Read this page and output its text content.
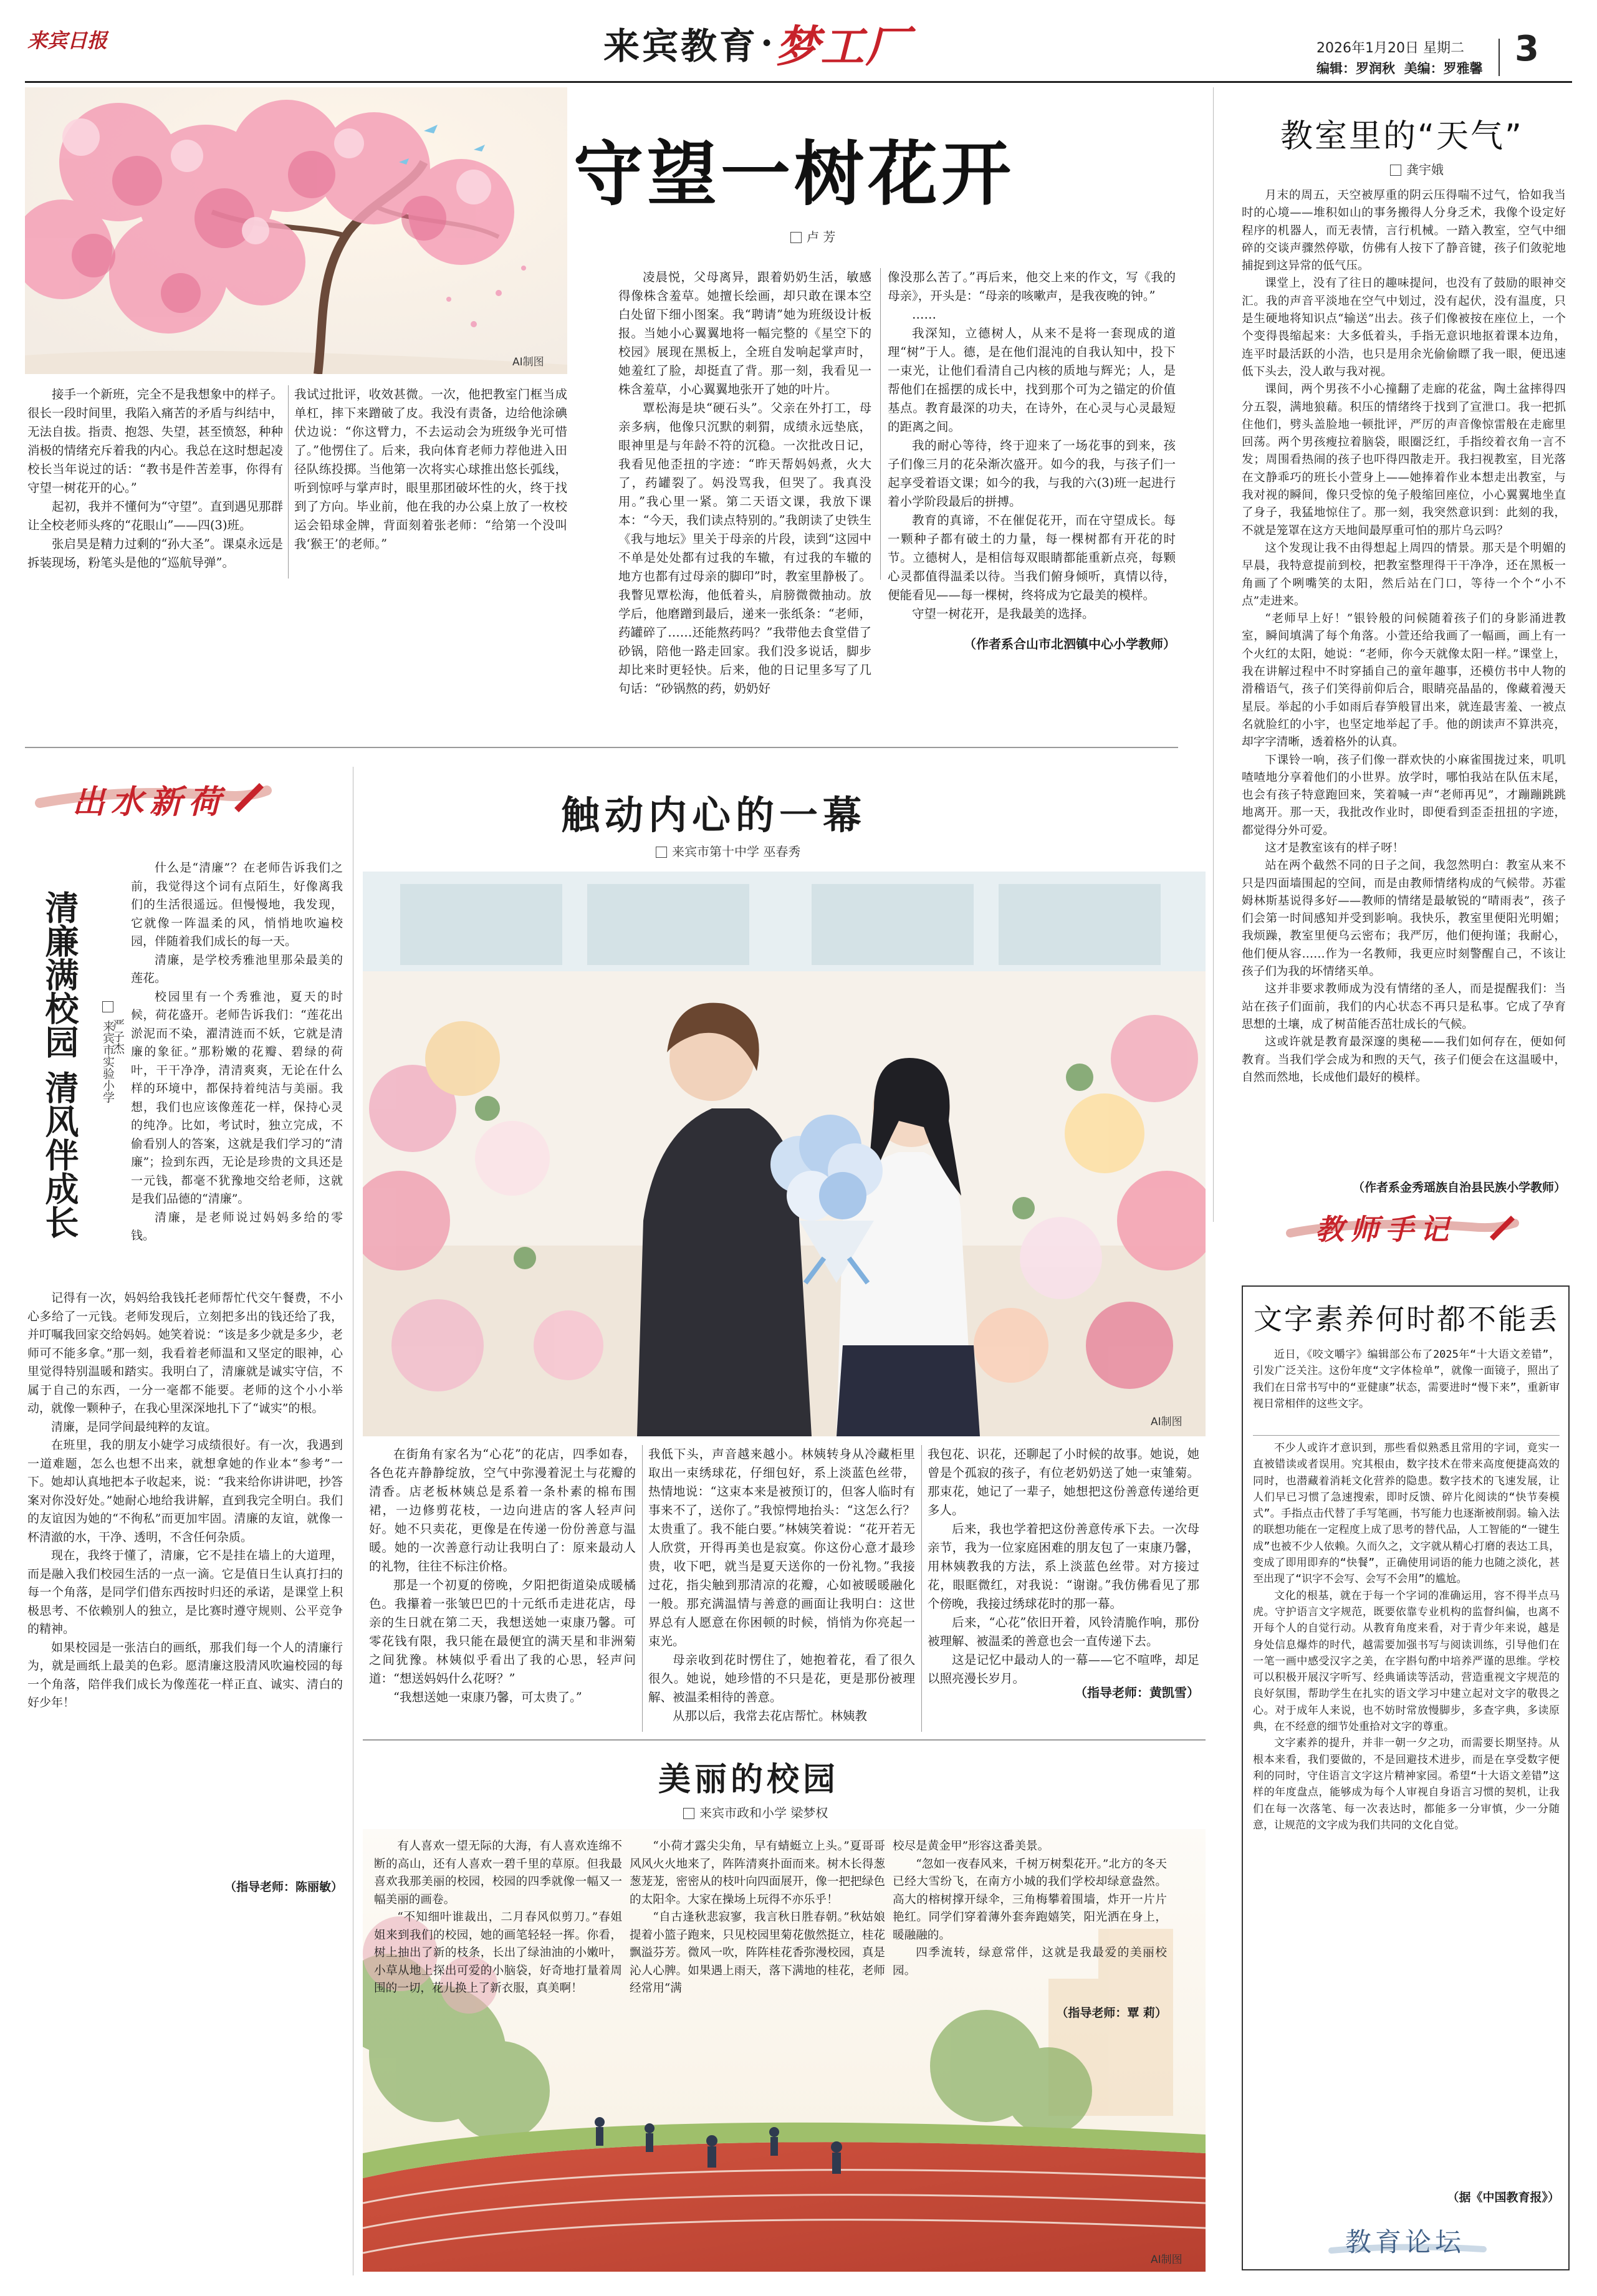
来宾日报	来宾教育 · 梦工厂	2026年1月20日 星期二
编辑：罗润秋 美编：罗雅馨 3
AI制图
守望一树花开
卢 芳

接手一个新班，完全不是我想象中的样子。很长一段时间里，我陷入痛苦的矛盾与纠结中，无法自拔。指责、抱怨、失望，甚至愤怒，种种消极的情绪充斥着我的内心。我总在这时想起凌校长当年说过的话：“教书是件苦差事，你得有守望一树花开的心。”

起初，我并不懂何为“守望”。直到遇见那群让全校老师头疼的“花眼山”——四(3)班。

张启昊是精力过剩的“孙大圣”。课桌永远是拆装现场，粉笔头是他的“巡航导弹”。

我试过批评，收效甚微。一次，他把教室门框当成单杠，摔下来蹭破了皮。我没有责备，边给他涂碘伏边说：“你这臂力，不去运动会为班级争光可惜了。”他愣住了。后来，我向体育老师力荐他进入田径队练投掷。当他第一次将实心球推出悠长弧线，听到惊呼与掌声时，眼里那团破坏性的火，终于找到了方向。毕业前，他在我的办公桌上放了一枚校运会铅球金牌，背面刻着张老师：“给第一个没叫我‘猴王’的老师。”

凌晨悦，父母离异，跟着奶奶生活，敏感得像株含羞草。她擅长绘画，却只敢在课本空白处留下细小图案。我“聘请”她为班级设计板报。当她小心翼翼地将一幅完整的《星空下的校园》展现在黑板上，全班自发响起掌声时，她羞红了脸，却挺直了背。那一刻，我看见一株含羞草，小心翼翼地张开了她的叶片。

覃松海是块“硬石头”。父亲在外打工，母亲多病，他像只沉默的刺猬，成绩永远垫底，眼神里是与年龄不符的沉稳。一次批改日记，我看见他歪扭的字迹：“昨天帮妈妈煮，火大了，药罐裂了。妈没骂我，但哭了。我真没用。”我心里一紧。第二天语文课，我放下课本：“今天，我们读点特别的。”我朗读了史铁生《我与地坛》里关于母亲的片段，读到“这园中不单是处处都有过我的车辙，有过我的车辙的地方也都有过母亲的脚印”时，教室里静极了。我瞥见覃松海，他低着头，肩膀微微抽动。放学后，他磨蹭到最后，递来一张纸条：“老师，药罐碎了……还能熬药吗？”我带他去食堂借了砂锅，陪他一路走回家。我们没多说话，脚步却比来时更轻快。后来，他的日记里多写了几句话：“砂锅熬的药，奶奶好

像没那么苦了。”再后来，他交上来的作文，写《我的母亲》，开头是：“母亲的咳嗽声，是我夜晚的钟。”

……

我深知，立德树人，从来不是将一套现成的道理“树”于人。德，是在他们混沌的自我认知中，投下一束光，让他们看清自己内核的质地与辉光；人，是帮他们在摇摆的成长中，找到那个可为之锚定的价值基点。教育最深的功夫，在诗外，在心灵与心灵最短的距离之间。

我的耐心等待，终于迎来了一场花事的到来，孩子们像三月的花朵渐次盛开。如今的我，与孩子们一起享受着语文课；如今的我，与我的六(3)班一起进行着小学阶段最后的拼搏。

教育的真谛，不在催促花开，而在守望成长。每一颗种子都有破土的力量，每一棵树都有开花的时节。立德树人，是相信每双眼睛都能重新点亮，每颗心灵都值得温柔以待。当我们俯身倾听，真情以待，便能看见——每一棵树，终将成为它最美的模样。

守望一树花开，是我最美的选择。

（作者系合山市北泗镇中心小学教师）
教室里的“天气”
龚宇娥

月末的周五，天空被厚重的阴云压得喘不过气，恰如我当时的心境——堆积如山的事务搬得人分身乏术，我像个设定好程序的机器人，而无表情，言行机械。一踏入教室，空气中细碎的交谈声骤然停歇，仿佛有人按下了静音键，孩子们敛驼地捕捉到这异常的低气压。

课堂上，没有了往日的趣味提问，也没有了鼓励的眼神交汇。我的声音平淡地在空气中划过，没有起伏，没有温度，只是生硬地将知识点“输送”出去。孩子们像被按在座位上，一个个变得畏缩起来：大多低着头，手指无意识地抠着课本边角，连平时最活跃的小浩，也只是用余光偷偷瞟了我一眼，便迅速低下头去，没人敢与我对视。

课间，两个男孩不小心撞翻了走廊的花盆，陶土盆摔得四分五裂，满地狼藉。积压的情绪终于找到了宣泄口。我一把抓住他们，劈头盖脸地一顿批评，严厉的声音像惊雷般在走廊里回荡。两个男孩瘦拉着脑袋，眼圈泛红，手指绞着衣角一言不发；周围看热闹的孩子也吓得四散走开。我扫视教室，目光落在文静乖巧的班长小萱身上——她捧着作业本想走出教室，与我对视的瞬间，像只受惊的兔子般缩回座位，小心翼翼地坐直了身子，我猛地惊住了。那一刻，我突然意识到：此刻的我，不就是笼罩在这方天地间最厚重可怕的那片乌云吗？

这个发现让我不由得想起上周四的情景。那天是个明媚的早晨，我特意提前到校，把教室整理得干干净净，还在黑板一角画了个咧嘴笑的太阳，然后站在门口，等待一个个“小不点”走进来。

“老师早上好！”银铃般的问候随着孩子们的身影涌进教室，瞬间填满了每个角落。小萱还给我画了一幅画，画上有一个火红的太阳，她说：“老师，你今天就像太阳一样。”课堂上，我在讲解过程中不时穿插自己的童年趣事，还模仿书中人物的滑稽语气，孩子们笑得前仰后合，眼睛亮晶晶的，像藏着漫天星辰。举起的小手如雨后春笋般冒出来，就连最害羞、一被点名就脸红的小宇，也坚定地举起了手。他的朗读声不算洪亮，却字字清晰，透着格外的认真。

下课铃一响，孩子们像一群欢快的小麻雀围拢过来，叽叽喳喳地分享着他们的小世界。放学时，哪怕我站在队伍末尾，也会有孩子特意跑回来，笑着喊一声“老师再见”，才蹦蹦跳跳地离开。那一天，我批改作业时，即便看到歪歪扭扭的字迹，都觉得分外可爱。

这才是教室该有的样子呀！

站在两个截然不同的日子之间，我忽然明白：教室从来不只是四面墙围起的空间，而是由教师情绪构成的气候带。苏霍姆林斯基说得多好——教师的情绪是最敏锐的“晴雨表”，孩子们会第一时间感知并受到影响。我快乐，教室里便阳光明媚；我烦躁，教室里便乌云密布；我严厉，他们便拘谨；我耐心，他们便从容……作为一名教师，我更应时刻警醒自己，不该让孩子们为我的坏情绪买单。

这并非要求教师成为没有情绪的圣人，而是提醒我们：当站在孩子们面前，我们的内心状态不再只是私事。它成了孕育思想的土壤，成了树苗能否茁壮成长的气候。

这或许就是教育最深邃的奥秘——我们如何存在，便如何教育。当我们学会成为和煦的天气，孩子们便会在这温暖中，自然而然地，长成他们最好的模样。

（作者系金秀瑶族自治县民族小学教师）
教师手记
文字素养何时都不能丢

近日，《咬文嚼字》编辑部公布了2025年“十大语文差错”，引发广泛关注。这份年度“文字体检单”，就像一面镜子，照出了我们在日常书写中的“亚健康”状态，需要进时“慢下来”，重新审视日常相伴的这些文字。

不少人或许才意识到，那些看似熟悉且常用的字词，竟实一直被错读或者误用。究其根由，数字技术在带来高度便捷高效的同时，也潜藏着消耗文化营养的隐患。数字技术的飞速发展，让人们早已习惯了急速搜索，即时反馈、碎片化阅读的“快节奏模式”。手指点击代替了手写笔画，书写能力也逐渐被削弱。输入法的联想功能在一定程度上成了思考的替代品，人工智能的“一键生成”也被不少人依赖。久而久之，文字就从精心打磨的表达工具，变成了即用即弃的“快餐”，正确使用词语的能力也随之淡化，甚至出现了“识字不会写、会写不会用”的尴尬。

文化的根基，就在于每一个字词的准确运用，容不得半点马虎。守护语言文字规范，既要依靠专业机构的监督纠偏，也离不开每个人的自觉行动。从教育角度来看，对于青少年来说，越是身处信息爆炸的时代，越需要加强书写与阅读训练，引导他们在一笔一画中感受汉字之美，在字斟句酌中培养严谨的思维。学校可以积极开展汉字听写、经典诵读等活动，营造重视文字规范的良好氛围，帮助学生在扎实的语文学习中建立起对文字的敬畏之心。对于成年人来说，也不妨时常放慢脚步，多查字典，多读原典，在不经意的细节处重拾对文字的尊重。

文字素养的提升，并非一朝一夕之功，而需要长期坚持。从根本来看，我们要做的，不是回避技术进步，而是在享受数字便利的同时，守住语言文字这片精神家园。希望“十大语文差错”这样的年度盘点，能够成为每个人审视自身语言习惯的契机，让我们在每一次落笔、每一次表达时，都能多一分审慎，少一分随意，让规范的文字成为我们共同的文化自觉。

（据《中国教育报》）
教育论坛
出水新荷
清廉满校园 清风伴成长	来宾市实验小学
严子杰

什么是“清廉”？在老师告诉我们之前，我觉得这个词有点陌生，好像离我们的生活很遥远。但慢慢地，我发现，它就像一阵温柔的风，悄悄地吹遍校园，伴随着我们成长的每一天。

清廉，是学校秀雅池里那朵最美的莲花。

校园里有一个秀雅池，夏天的时候，荷花盛开。老师告诉我们：“莲花出淤泥而不染，濯清涟而不妖，它就是清廉的象征。”那粉嫩的花瓣、碧绿的荷叶，干干净净，清清爽爽，无论在什么样的环境中，都保持着纯洁与美丽。我想，我们也应该像莲花一样，保持心灵的纯净。比如，考试时，独立完成，不偷看别人的答案，这就是我们学习的“清廉”；捡到东西，无论是珍贵的文具还是一元钱，都毫不犹豫地交给老师，这就是我们品德的“清廉”。

清廉，是老师说过妈妈多给的零钱。

记得有一次，妈妈给我钱托老师帮忙代交午餐费，不小心多给了一元钱。老师发现后，立刻把多出的钱还给了我，并叮嘱我回家交给妈妈。她笑着说：“该是多少就是多少，老师可不能多拿。”那一刻，我看着老师温和又坚定的眼神，心里觉得特别温暖和踏实。我明白了，清廉就是诚实守信，不属于自己的东西，一分一毫都不能要。老师的这个小小举动，就像一颗种子，在我心里深深地扎下了“诚实”的根。

清廉，是同学间最纯粹的友谊。

在班里，我的朋友小婕学习成绩很好。有一次，我遇到一道难题，怎么也想不出来，就想拿她的作业本“参考”一下。她却认真地把本子收起来，说：“我来给你讲讲吧，抄答案对你没好处。”她耐心地给我讲解，直到我完全明白。我们的友谊因为她的“不徇私”而更加牢固。清廉的友谊，就像一杯清澈的水，干净、透明，不含任何杂质。

现在，我终于懂了，清廉，它不是挂在墙上的大道理，而是融入我们校园生活的一点一滴。它是值日生认真打扫的每一个角落，是同学们借东西按时归还的承诺，是课堂上积极思考、不依赖别人的独立，是比赛时遵守规则、公平竞争的精神。

如果校园是一张洁白的画纸，那我们每一个人的清廉行为，就是画纸上最美的色彩。愿清廉这股清风吹遍校园的每一个角落，陪伴我们成长为像莲花一样正直、诚实、清白的好少年！

（指导老师：陈丽敏）
触动内心的一幕
来宾市第十中学 巫春秀
AI制图

在街角有家名为“心花”的花店，四季如春，各色花卉静静绽放，空气中弥漫着泥土与花瓣的清香。店老板林姨总是系着一条朴素的棉布围裙，一边修剪花枝，一边向进店的客人轻声问好。她不只卖花，更像是在传递一份份善意与温暖。她的一次善意行动让我明白了：原来最动人的礼物，往往不标注价格。

那是一个初夏的傍晚，夕阳把街道染成暖橘色。我攥着一张皱巴巴的十元纸币走进花店，母亲的生日就在第二天，我想送她一束康乃馨。可零花钱有限，我只能在最便宜的满天星和非洲菊之间犹豫。林姨似乎看出了我的心思，轻声问道：“想送妈妈什么花呀？”

“我想送她一束康乃馨，可太贵了。”

我低下头，声音越来越小。林姨转身从冷藏柜里取出一束绣球花，仔细包好，系上淡蓝色丝带，热情地说：“这束本来是被预订的，但客人临时有事来不了，送你了。”我惊愕地抬头：“这怎么行？太贵重了。我不能白要。”林姨笑着说：“花开若无人欣赏，开得再美也是寂寞。你这份心意才最珍贵，收下吧，就当是夏天送你的一份礼物。”我接过花，指尖触到那清凉的花瓣，心如被暖暖融化一般。那充满温情与善意的画面让我明白：这世界总有人愿意在你困顿的时候，悄悄为你亮起一束光。

母亲收到花时愣住了，她抱着花，看了很久很久。她说，她珍惜的不只是花，更是那份被理解、被温柔相待的善意。

从那以后，我常去花店帮忙。林姨教

我包花、识花，还聊起了小时候的故事。她说，她曾是个孤寂的孩子，有位老奶奶送了她一束雏菊。那束花，她记了一辈子，她想把这份善意传递给更多人。

后来，我也学着把这份善意传承下去。一次母亲节，我为一位家庭困难的朋友包了一束康乃馨，用林姨教我的方法，系上淡蓝色丝带。对方接过花，眼眶微红，对我说：“谢谢。”我仿佛看见了那个傍晚，我接过绣球花时的那一幕。

后来，“心花”依旧开着，风铃清脆作响，那份被理解、被温柔的善意也会一直传递下去。

这是记忆中最动人的一幕——它不喧哗，却足以照亮漫长岁月。

（指导老师：黄凯雪）
美丽的校园
来宾市政和小学 梁梦权
AI制图

有人喜欢一望无际的大海，有人喜欢连绵不断的高山，还有人喜欢一碧千里的草原。但我最喜欢我那美丽的校园，校园的四季就像一幅又一幅美丽的画卷。

“不知细叶谁裁出，二月春风似剪刀。”春姐姐来到我们的校园，她的画笔轻轻一挥。你看，树上抽出了新的枝条，长出了绿油油的小嫩叶，小草从地上探出可爱的小脑袋，好奇地打量着周围的一切，花儿换上了新衣服，真美啊！

“小荷才露尖尖角，早有蜻蜓立上头。”夏哥哥风风火火地来了，阵阵清爽扑面而来。树木长得葱葱茏茏，密密从的枝叶向四面展开，像一把把绿色的太阳伞。大家在操场上玩得不亦乐乎！

“自古逢秋悲寂寥，我言秋日胜春朝。”秋姑娘提着小篮子跑来，只见校园里菊花傲然挺立，桂花飘溢芬芳。微风一吹，阵阵桂花香弥漫校园，真是沁人心脾。如果遇上雨天，落下满地的桂花，老师经常用“满

校尽是黄金甲”形容这番美景。

“忽如一夜春风来，千树万树梨花开。”北方的冬天已经大雪纷飞，在南方小城的我们学校却绿意盎然。高大的榕树撑开绿伞，三角梅攀着围墙，炸开一片片艳红。同学们穿着薄外套奔跑嬉笑，阳光洒在身上，暖融融的。

四季流转，绿意常伴，这就是我最爱的美丽校园。

（指导老师：覃 莉）
